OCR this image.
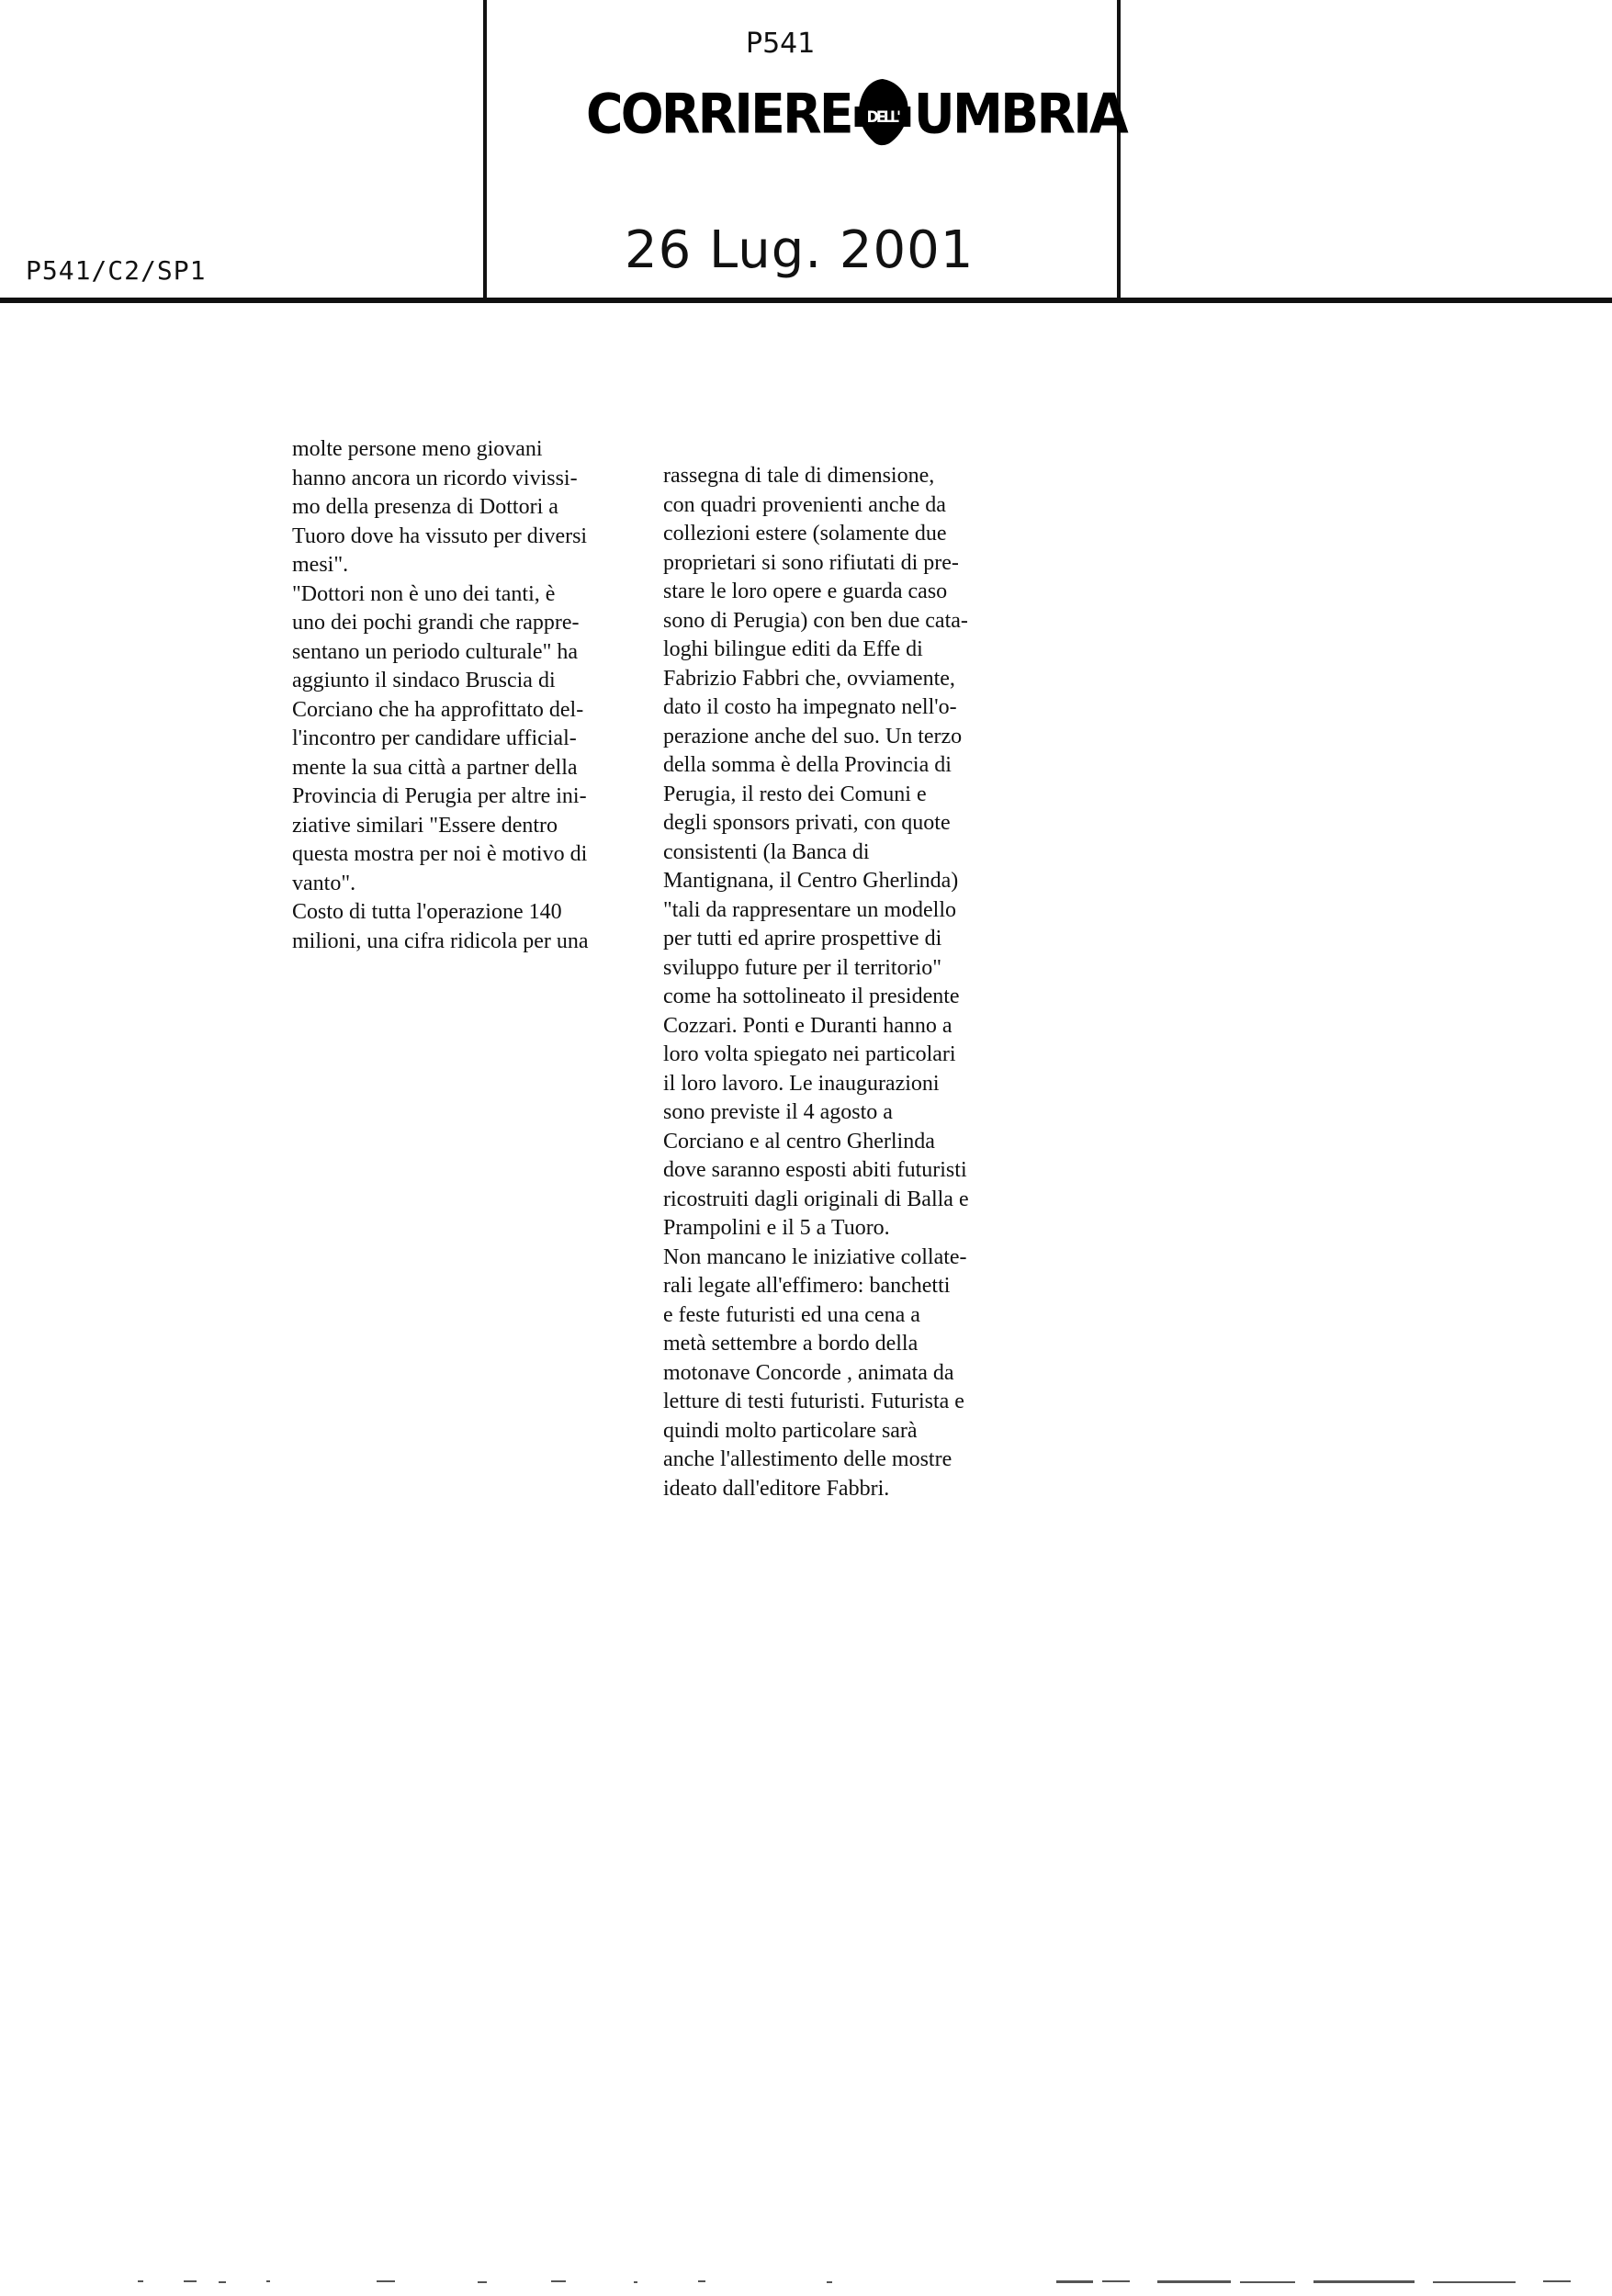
P541/C2/SP1
P541
CORRIERE DELL' UMBRIA
26 Lug. 2001
molte persone meno giovani
hanno ancora un ricordo vivissi-
mo della presenza di Dottori a
Tuoro dove ha vissuto per diversi
mesi".
"Dottori non è uno dei tanti, è
uno dei pochi grandi che rappre-
sentano un periodo culturale" ha
aggiunto il sindaco Bruscia di
Corciano che ha approfittato del-
l'incontro per candidare ufficial-
mente la sua città a partner della
Provincia di Perugia per altre ini-
ziative similari "Essere dentro
questa mostra per noi è motivo di
vanto".
Costo di tutta l'operazione 140
milioni, una cifra ridicola per una
rassegna di tale di dimensione,
con quadri provenienti anche da
collezioni estere (solamente due
proprietari si sono rifiutati di pre-
stare le loro opere e guarda caso
sono di Perugia) con ben due cata-
loghi bilingue editi da Effe di
Fabrizio Fabbri che, ovviamente,
dato il costo ha impegnato nell'o-
perazione anche del suo. Un terzo
della somma è della Provincia di
Perugia, il resto dei Comuni e
degli sponsors privati, con quote
consistenti (la Banca di
Mantignana, il Centro Gherlinda)
"tali da rappresentare un modello
per tutti ed aprire prospettive di
sviluppo future per il territorio"
come ha sottolineato il presidente
Cozzari. Ponti e Duranti hanno a
loro volta spiegato nei particolari
il loro lavoro. Le inaugurazioni
sono previste il 4 agosto a
Corciano e al centro Gherlinda
dove saranno esposti abiti futuristi
ricostruiti dagli originali di Balla e
Prampolini e il 5 a Tuoro.
Non mancano le iniziative collate-
rali legate all'effimero: banchetti
e feste futuristi ed una cena a
metà settembre a bordo della
motonave Concorde , animata da
letture di testi futuristi. Futurista e
quindi molto particolare sarà
anche l'allestimento delle mostre
ideato dall'editore Fabbri.
